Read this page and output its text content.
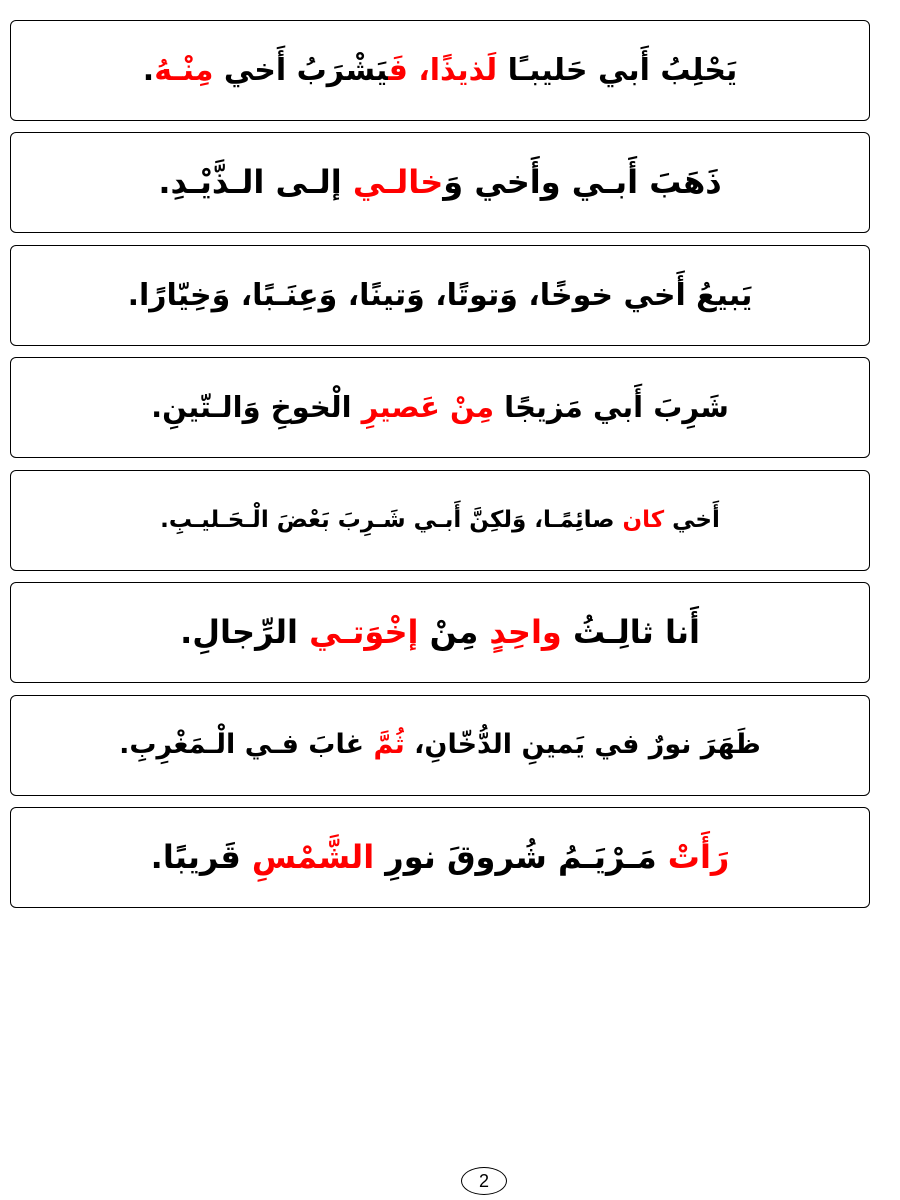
يَحْلِبُ أَبي حَليبـًا لَذيذًا، فَيَشْرَبُ أَخي مِنْـهُ.
ذَهَبَ أَبـي وأَخي وَخالـي إلـى الـذَّيْـدِ.
يَبيعُ أَخي خوخًا، وَتوتًا، وَتينًا، وَعِنَـبًا، وَخِيّارًا.
شَرِبَ أَبي مَزيجًا مِنْ عَصيرِ الْخوخِ وَالـتّينِ.
أَخي كان صائِمًـا، وَلكِنَّ أَبـي شَـرِبَ بَعْضَ الْـحَـليـبِ.
أَنا ثالِـثُ واحِدٍ مِنْ إخْوَتـي الرِّجالِ.
ظَهَرَ نورٌ في يَمينِ الدُّخّانِ، ثُمَّ غابَ فـي الْـمَغْرِبِ.
رَأَتْ مَـرْيَـمُ شُروقَ نورِ الشَّمْسِ قَريبًا.
2
